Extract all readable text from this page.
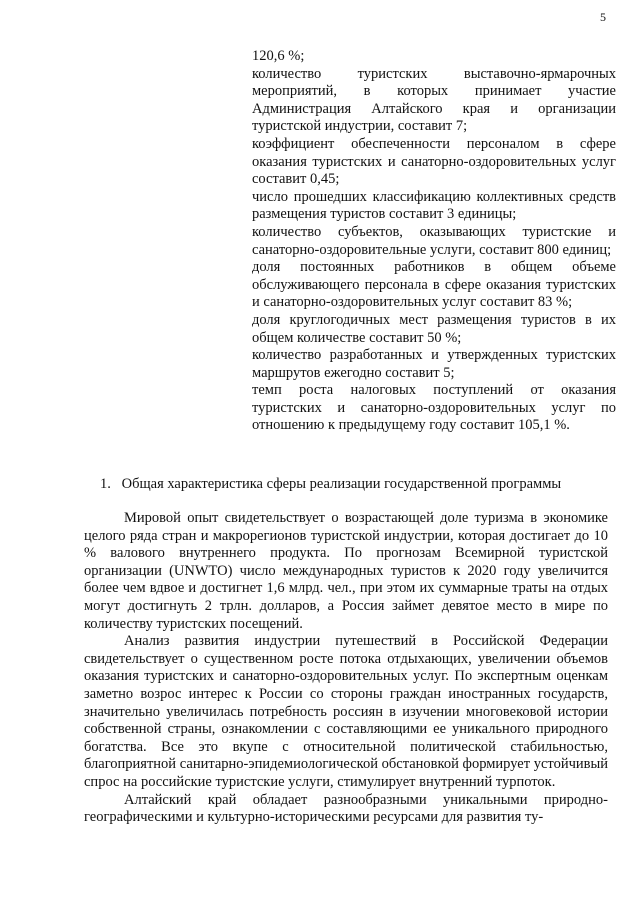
5

120,6 %;

количество туристских выставочно-ярмарочных мероприятий, в которых принимает участие Администрация Алтайского края и организации туристской индустрии, составит 7;

коэффициент обеспеченности персоналом в сфере оказания туристских и санаторно-оздоровительных услуг составит 0,45;

число прошедших классификацию коллективных средств размещения туристов составит 3 единицы;

количество субъектов, оказывающих туристские и санаторно-оздоровительные услуги, составит 800 единиц;

доля постоянных работников в общем объеме обслуживающего персонала в сфере оказания туристских и санаторно-оздоровительных услуг составит 83 %;

доля круглогодичных мест размещения туристов в их общем количестве составит 50 %;

количество разработанных и утвержденных туристских маршрутов ежегодно составит 5;

темп роста налоговых поступлений от оказания туристских и санаторно-оздоровительных услуг по отношению к предыдущему году составит 105,1 %.

1. Общая характеристика сферы реализации государственной программы

Мировой опыт свидетельствует о возрастающей доле туризма в экономике целого ряда стран и макрорегионов туристской индустрии, которая достигает до 10 % валового внутреннего продукта. По прогнозам Всемирной туристской организации (UNWTO) число международных туристов к 2020 году увеличится более чем вдвое и достигнет 1,6 млрд. чел., при этом их суммарные траты на отдых могут достигнуть 2 трлн. долларов, а Россия займет девятое место в мире по количеству туристских посещений.

Анализ развития индустрии путешествий в Российской Федерации свидетельствует о существенном росте потока отдыхающих, увеличении объемов оказания туристских и санаторно-оздоровительных услуг. По экспертным оценкам заметно возрос интерес к России со стороны граждан иностранных государств, значительно увеличилась потребность россиян в изучении многовековой истории собственной страны, ознакомлении с составляющими ее уникального природного богатства. Все это вкупе с относительной политической стабильностью, благоприятной санитарно-эпидемиологической обстановкой формирует устойчивый спрос на российские туристские услуги, стимулирует внутренний турпоток.

Алтайский край обладает разнообразными уникальными природно-географическими и культурно-историческими ресурсами для развития ту-
